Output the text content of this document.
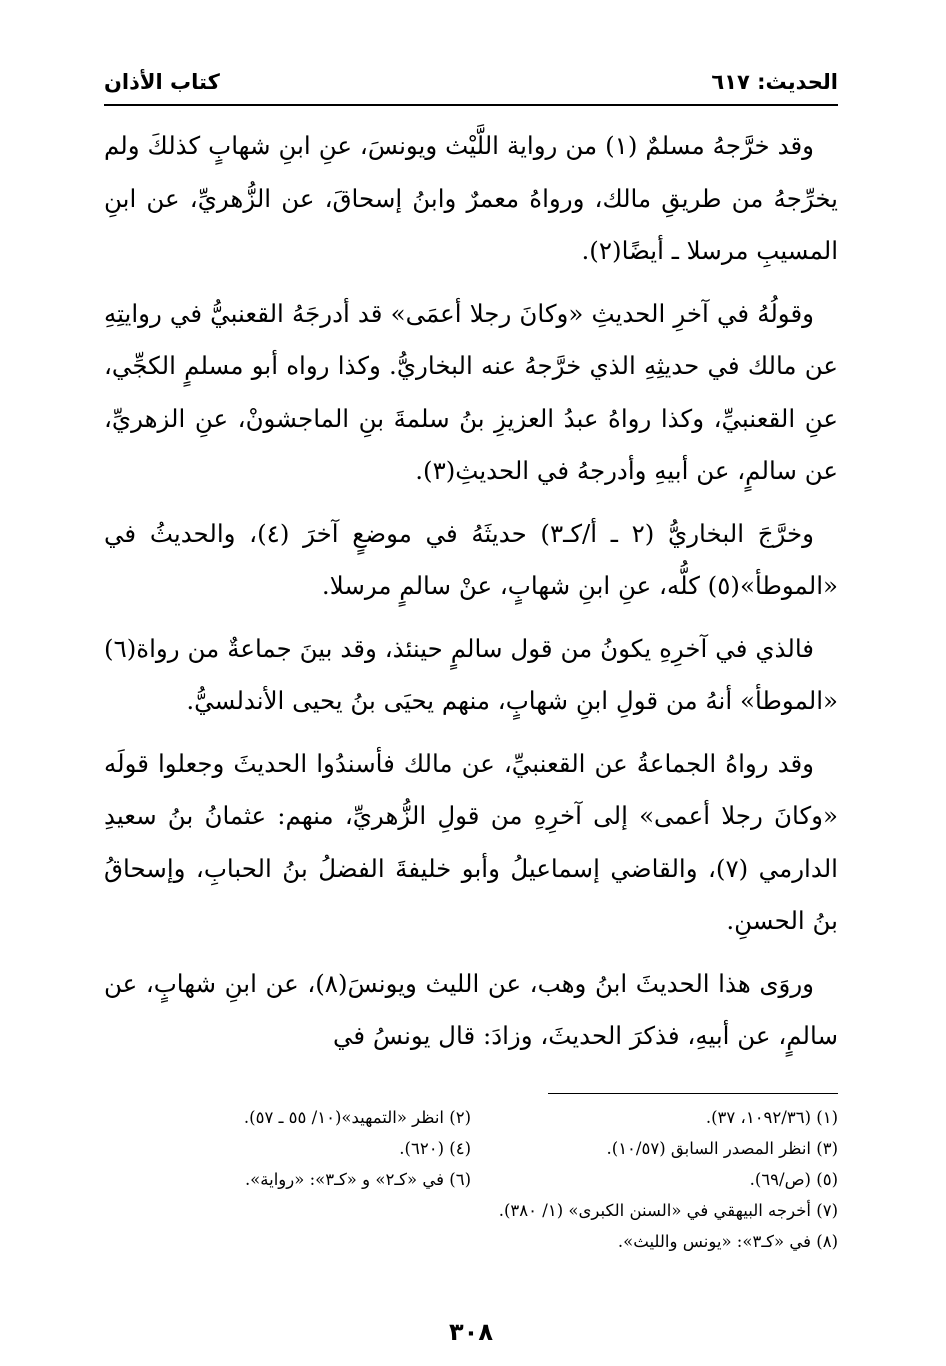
الحديث: ٦١٧
كتاب الأذان

وقد خرَّجهُ مسلمٌ (١) من رواية اللَّيْث ويونسَ، عنِ ابنِ شهابٍ كذلكَ ولم يخرِّجهُ من طريقِ مالك، ورواهُ معمرٌ وابنُ إسحاقَ، عن الزُّهريِّ، عن ابنِ المسيبِ مرسلا ـ أيضًا(٢).

وقولُهُ في آخرِ الحديثِ «وكانَ رجلا أعمَى» قد أدرجَهُ القعنبيُّ في روايتِهِ عن مالك في حديثِهِ الذي خرَّجهُ عنه البخاريُّ. وكذا رواه أبو مسلمٍ الكجِّي، عنِ القعنبيِّ، وكذا رواهُ عبدُ العزيزِ بنُ سلمةَ بنِ الماجشونْ، عنِ الزهريِّ، عن سالمٍ، عن أبيهِ وأدرجهُ في الحديثِ(٣).

وخرَّجَ البخاريُّ (٢ ـ أ/كـ٣) حديثَهُ في موضعٍ آخرَ (٤)، والحديثُ في «الموطأ»(٥) كلُّه، عنِ ابنِ شهابٍ، عنْ سالمٍ مرسلا.

فالذي في آخرِهِ يكونُ من قول سالمٍ حينئذ، وقد بينَ جماعةٌ من رواة(٦) «الموطأ» أنهُ من قولِ ابنِ شهابٍ، منهم يحيَى بنُ يحيى الأندلسيُّ.

وقد رواهُ الجماعةُ عن القعنبيِّ، عن مالك فأسندُوا الحديثَ وجعلوا قولَه «وكانَ رجلا أعمى» إلى آخرِهِ من قولِ الزُّهريِّ، منهم: عثمانُ بنُ سعيدِ الدارمي (٧)، والقاضي إسماعيلُ وأبو خليفةَ الفضلُ بنُ الحبابِ، وإسحاقُ بنُ الحسنِ.

وروَى هذا الحديثَ ابنُ وهب، عن الليث ويونسَ(٨)، عن ابنِ شهابٍ، عن سالمٍ، عن أبيهِ، فذكرَ الحديثَ، وزادَ: قال يونسُ في

(١) (١٠٩٢/٣٦، ٣٧).
(٢) انظر «التمهيد»(١٠/ ٥٥ ـ ٥٧).
(٣) انظر المصدر السابق (١٠/٥٧).
(٤) (٦٢٠).
(٥) (ص/٦٩).
(٦) في «كـ٢» و «كـ٣»: «رواية».
(٧) أخرجه البيهقي في «السنن الكبرى» (١/ ٣٨٠).
(٨) في «كـ٣»: «يونس والليث».
٣٠٨
